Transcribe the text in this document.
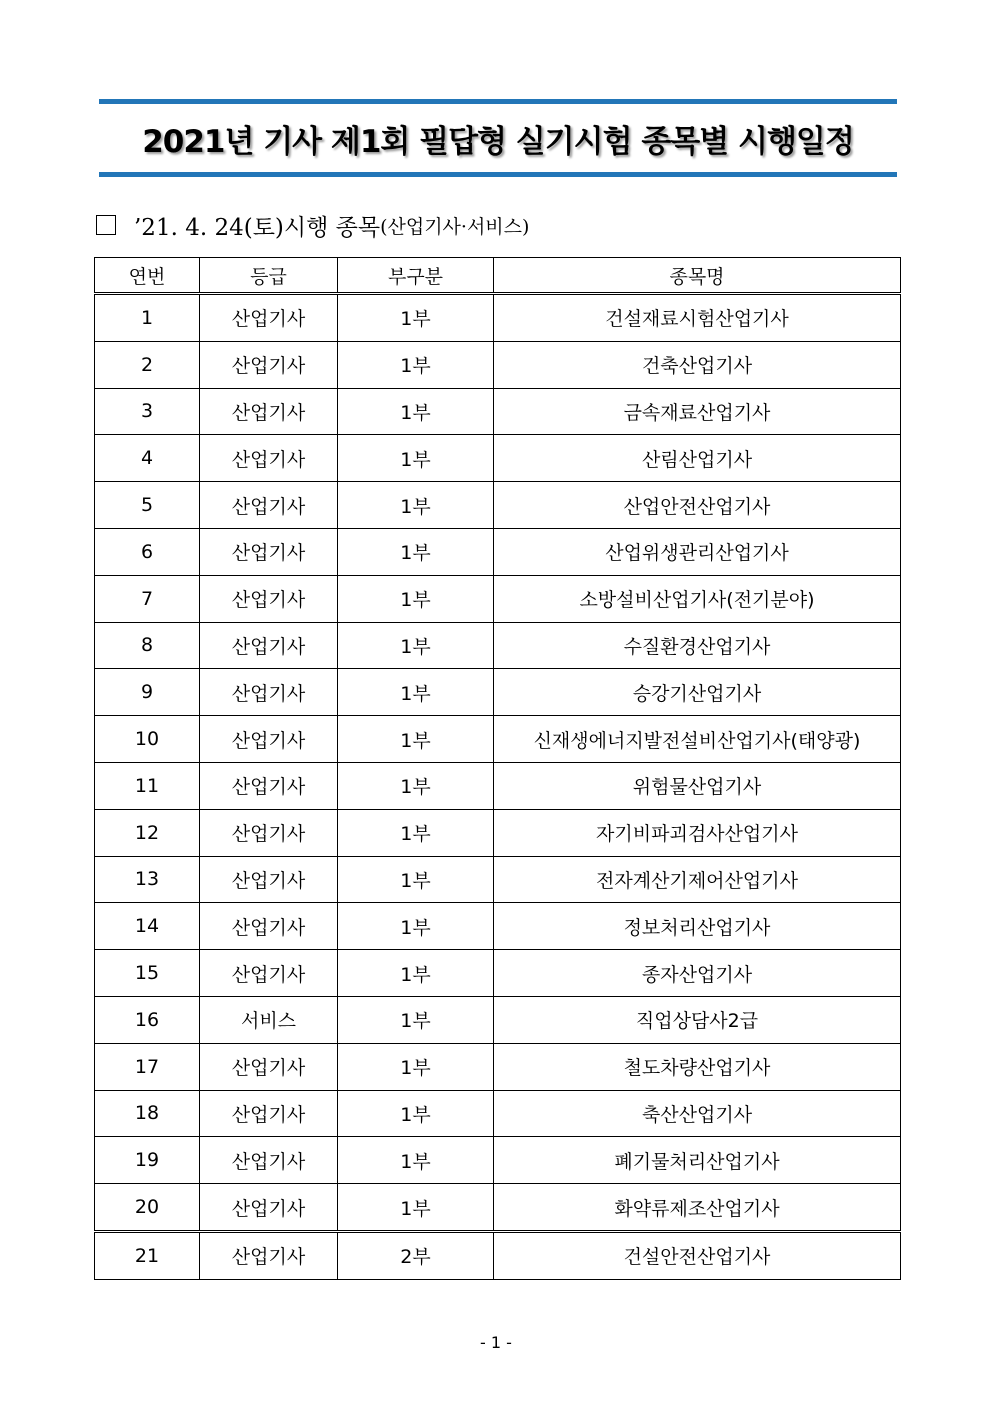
2021년 기사 제1회 필답형 실기시험 종목별 시행일정
’21. 4. 24(토)시행 종목 (산업기사·서비스)
연번	등급	부구분	종목명
1	산업기사	1부	건설재료시험산업기사
2	산업기사	1부	건축산업기사
3	산업기사	1부	금속재료산업기사
4	산업기사	1부	산림산업기사
5	산업기사	1부	산업안전산업기사
6	산업기사	1부	산업위생관리산업기사
7	산업기사	1부	소방설비산업기사(전기분야)
8	산업기사	1부	수질환경산업기사
9	산업기사	1부	승강기산업기사
10	산업기사	1부	신재생에너지발전설비산업기사(태양광)
11	산업기사	1부	위험물산업기사
12	산업기사	1부	자기비파괴검사산업기사
13	산업기사	1부	전자계산기제어산업기사
14	산업기사	1부	정보처리산업기사
15	산업기사	1부	종자산업기사
16	서비스	1부	직업상담사2급
17	산업기사	1부	철도차량산업기사
18	산업기사	1부	축산산업기사
19	산업기사	1부	폐기물처리산업기사
20	산업기사	1부	화약류제조산업기사
21	산업기사	2부	건설안전산업기사
- 1 -
